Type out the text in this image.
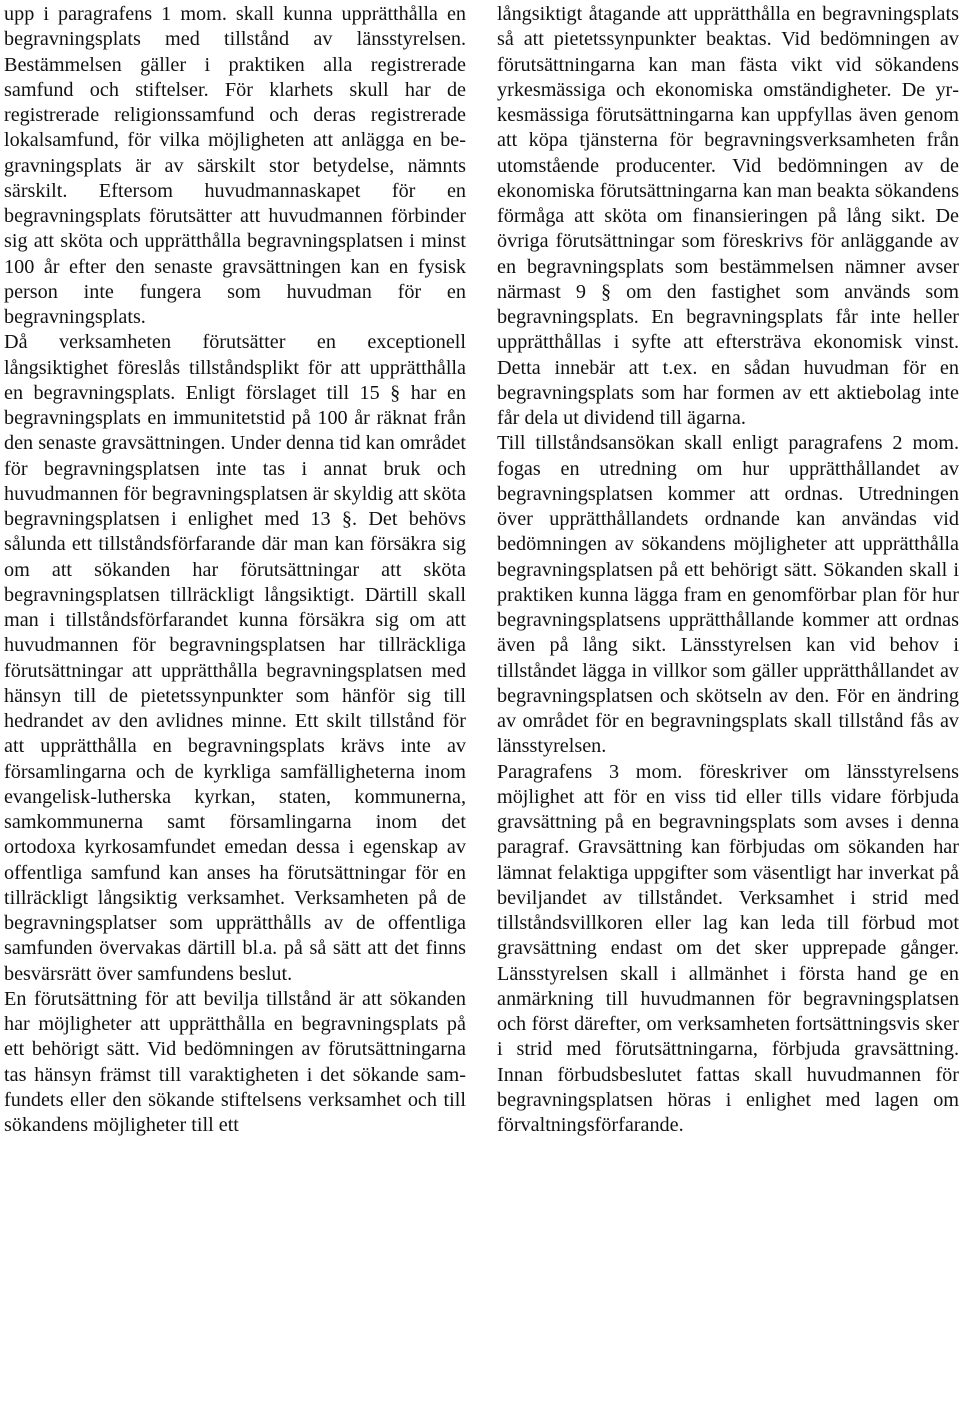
upp i paragrafens 1 mom. skall kunna upprätthålla en begravningsplats med tillstånd av länsstyrelsen. Bestämmelsen gäller i praktiken alla registrerade samfund och stiftelser. För klarhets skull har de registrerade religionssamfund och deras registrerade lokalsamfund, för vilka möjligheten att anlägga en begravningsplats är av särskilt stor betydelse, nämnts särskilt. Eftersom huvudmannaskapet för en begravningsplats förutsätter att huvudmannen förbinder sig att sköta och upprätthålla begravningsplatsen i minst 100 år efter den senaste gravsättningen kan en fysisk person inte fungera som huvudman för en begravningsplats.

Då verksamheten förutsätter en exceptionell långsiktighet föreslås tillståndsplikt för att upprätthålla en begravningsplats. Enligt förslaget till 15 § har en begravningsplats en immunitetstid på 100 år räknat från den senaste gravsättningen. Under denna tid kan området för begravningsplatsen inte tas i annat bruk och huvudmannen för begravningsplatsen är skyldig att sköta begravningsplatsen i enlighet med 13 §. Det behövs sålunda ett tillståndsförfarande där man kan försäkra sig om att sökanden har förutsättningar att sköta begravningsplatsen tillräckligt långsiktigt. Därtill skall man i tillståndsförfarandet kunna försäkra sig om att huvudmannen för begravningsplatsen har tillräckliga förutsättningar att upprätthålla begravningsplatsen med hänsyn till de pietetssynpunkter som hänför sig till hedrandet av den avlidnes minne. Ett skilt tillstånd för att upprätthålla en begravningsplats krävs inte av församlingarna och de kyrkliga samfälligheterna inom evangelisk-lutherska kyrkan, staten, kommunerna, samkommunerna samt församlingarna inom det ortodoxa kyrkosamfundet emedan dessa i egenskap av offentliga samfund kan anses ha förutsättningar för en tillräckligt långsiktig verksamhet. Verksamheten på de begravningsplatser som upprätthålls av de offentliga samfunden övervakas därtill bl.a. på så sätt att det finns besvärsrätt över samfundens beslut.

En förutsättning för att bevilja tillstånd är att sökanden har möjligheter att upprätthålla en begravningsplats på ett behörigt sätt. Vid bedömningen av förutsättningarna tas hänsyn främst till varaktigheten i det sökande samfundets eller den sökande stiftelsens verksamhet och till sökandens möjligheter till ett

långsiktigt åtagande att upprätthålla en begravningsplats så att pietetssynpunkter beaktas. Vid bedömningen av förutsättningarna kan man fästa vikt vid sökandens yrkesmässiga och ekonomiska omständigheter. De yrkesmässiga förutsättningarna kan uppfyllas även genom att köpa tjänsterna för begravningsverksamheten från utomstående producenter. Vid bedömningen av de ekonomiska förutsättningarna kan man beakta sökandens förmåga att sköta om finansieringen på lång sikt. De övriga förutsättningar som föreskrivs för anläggande av en begravningsplats som bestämmelsen nämner avser närmast 9 § om den fastighet som används som begravningsplats. En begravningsplats får inte heller upprätthållas i syfte att eftersträva ekonomisk vinst. Detta innebär att t.ex. en sådan huvudman för en begravningsplats som har formen av ett aktiebolag inte får dela ut dividend till ägarna.

Till tillståndsansökan skall enligt paragrafens 2 mom. fogas en utredning om hur upprätthållandet av begravningsplatsen kommer att ordnas. Utredningen över upprätthållandets ordnande kan användas vid bedömningen av sökandens möjligheter att upprätthålla begravningsplatsen på ett behörigt sätt. Sökanden skall i praktiken kunna lägga fram en genomförbar plan för hur begravningsplatsens upprätthållande kommer att ordnas även på lång sikt. Länsstyrelsen kan vid behov i tillståndet lägga in villkor som gäller upprätthållandet av begravningsplatsen och skötseln av den. För en ändring av området för en begravningsplats skall tillstånd fås av länsstyrelsen.

Paragrafens 3 mom. föreskriver om länsstyrelsens möjlighet att för en viss tid eller tills vidare förbjuda gravsättning på en begravningsplats som avses i denna paragraf. Gravsättning kan förbjudas om sökanden har lämnat felaktiga uppgifter som väsentligt har inverkat på beviljandet av tillståndet. Verksamhet i strid med tillståndsvillkoren eller lag kan leda till förbud mot gravsättning endast om det sker upprepade gånger. Länsstyrelsen skall i allmänhet i första hand ge en anmärkning till huvudmannen för begravningsplatsen och först därefter, om verksamheten fortsättningsvis sker i strid med förutsättningarna, förbjuda gravsättning. Innan förbudsbeslutet fattas skall huvudmannen för begravningsplatsen höras i enlighet med lagen om förvaltningsförfarande.
